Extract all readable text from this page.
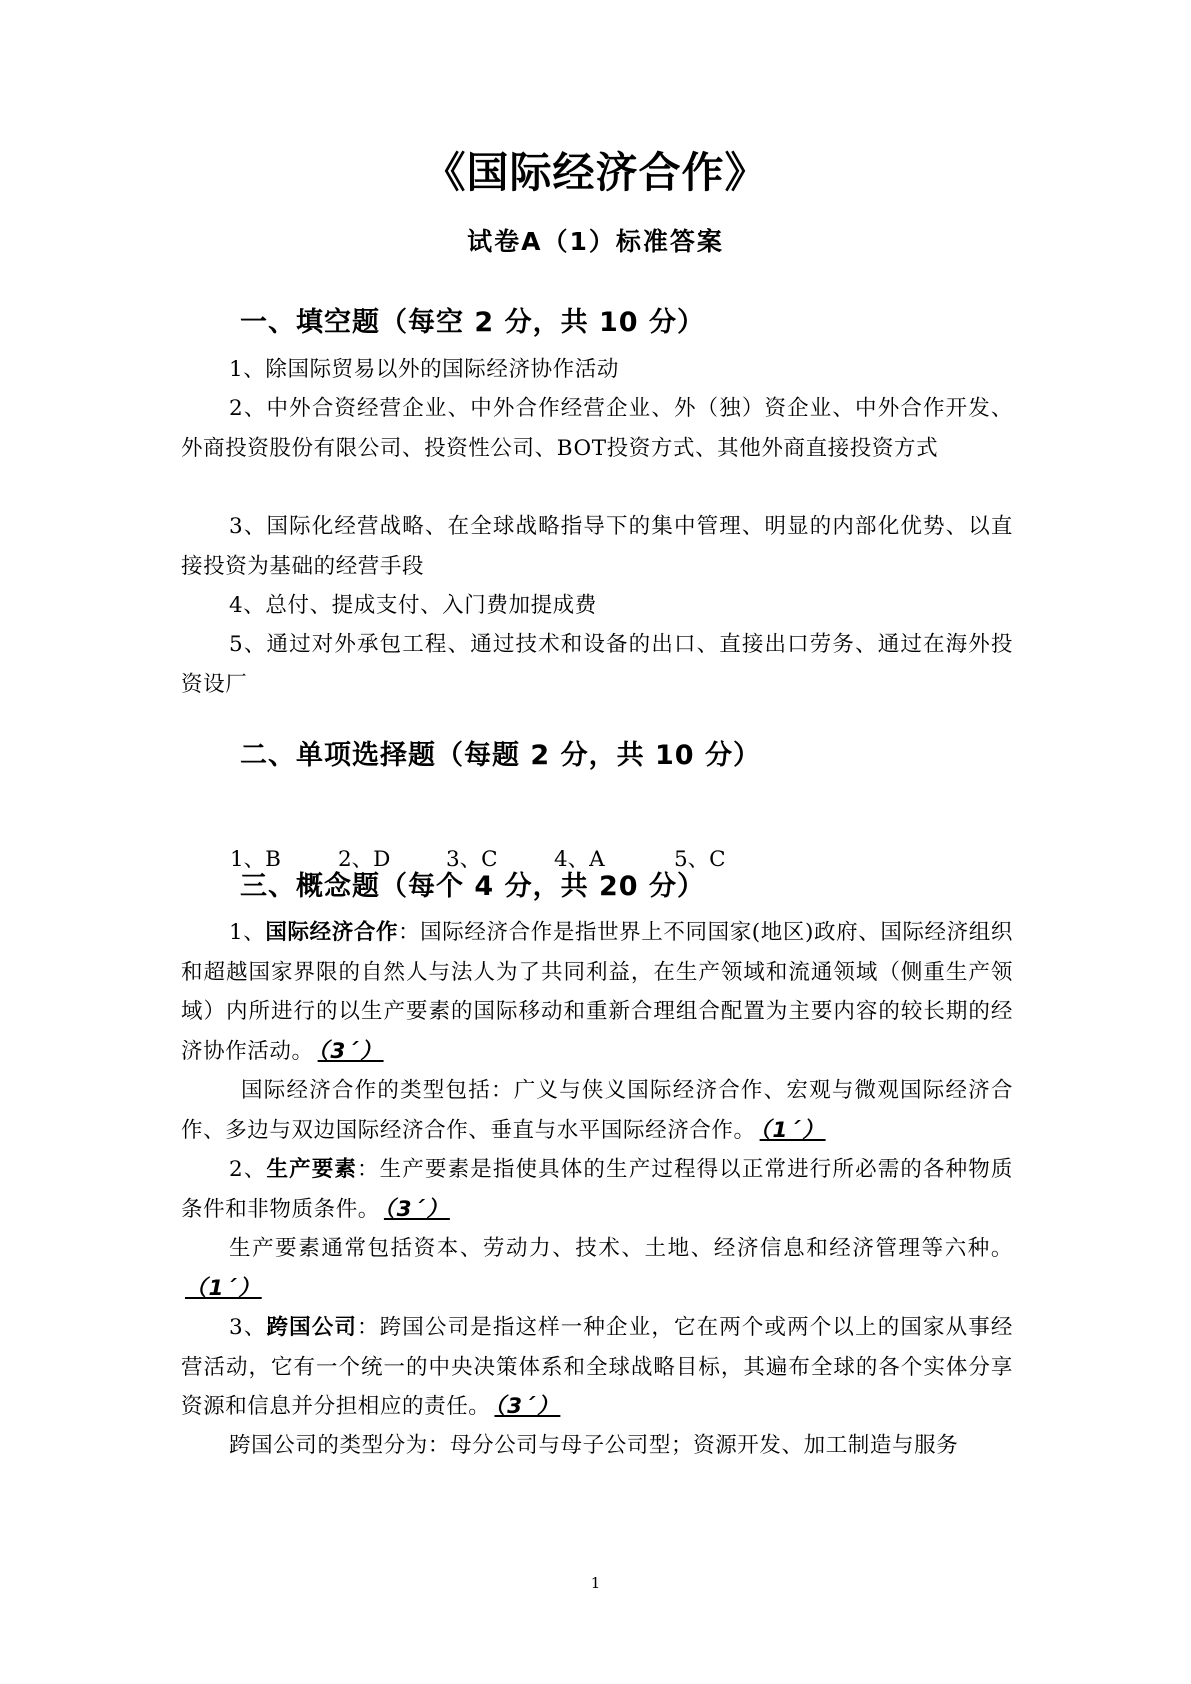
《国际经济合作》
试卷A（1）标准答案
一、填空题（每空 2 分，共 10 分）
1、除国际贸易以外的国际经济协作活动
2、中外合资经营企业、中外合作经营企业、外（独）资企业、中外合作开发、外商投资股份有限公司、投资性公司、BOT投资方式、其他外商直接投资方式
3、国际化经营战略、在全球战略指导下的集中管理、明显的内部化优势、以直接投资为基础的经营手段
4、总付、提成支付、入门费加提成费
5、通过对外承包工程、通过技术和设备的出口、直接出口劳务、通过在海外投资设厂
二、单项选择题（每题 2 分，共 10 分）
1、B	2、D	3、C	4、A	5、C
三、概念题（每个 4 分，共 20 分）
1、国际经济合作：国际经济合作是指世界上不同国家(地区)政府、国际经济组织和超越国家界限的自然人与法人为了共同利益，在生产领域和流通领域（侧重生产领域）内所进行的以生产要素的国际移动和重新合理组合配置为主要内容的较长期的经济协作活动。 （3´）
国际经济合作的类型包括：广义与侠义国际经济合作、宏观与微观国际经济合作、多边与双边国际经济合作、垂直与水平国际经济合作。 （1´）
2、生产要素：生产要素是指使具体的生产过程得以正常进行所必需的各种物质条件和非物质条件。 （3´）
生产要素通常包括资本、劳动力、技术、土地、经济信息和经济管理等六种。（1´）
3、跨国公司：跨国公司是指这样一种企业，它在两个或两个以上的国家从事经营活动，它有一个统一的中央决策体系和全球战略目标，其遍布全球的各个实体分享资源和信息并分担相应的责任。 （3´）
跨国公司的类型分为：母分公司与母子公司型；资源开发、加工制造与服务
1
